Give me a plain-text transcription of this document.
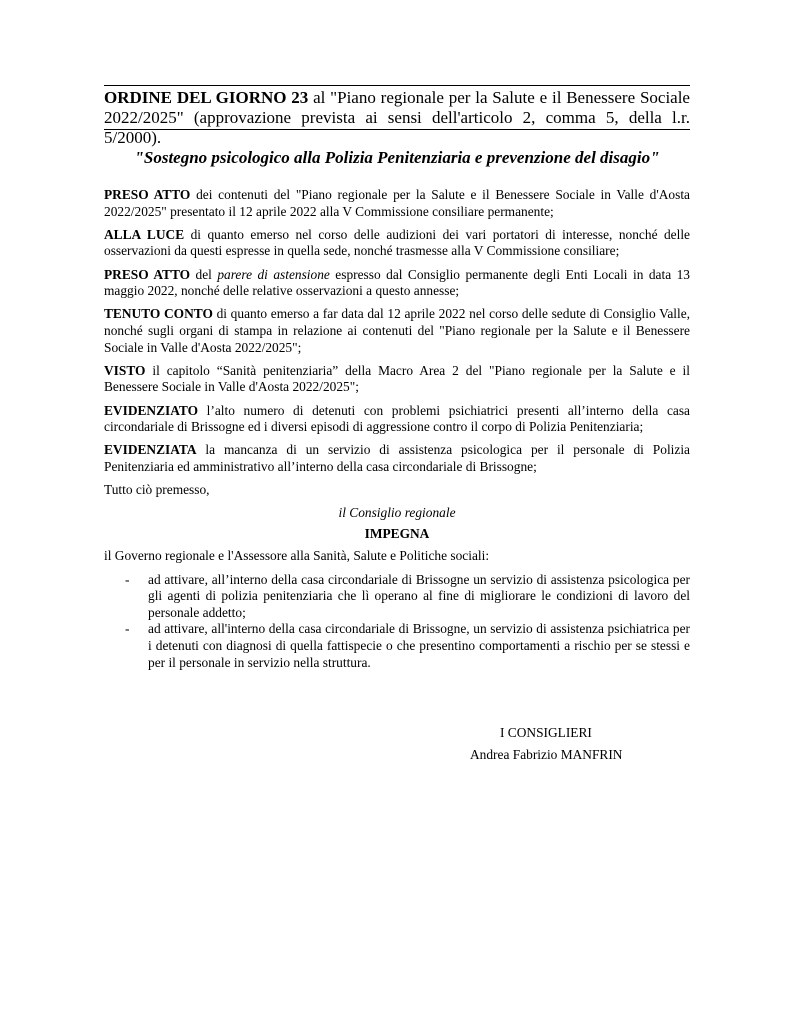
ORDINE DEL GIORNO 23 al "Piano regionale per la Salute e il Benessere Sociale 2022/2025" (approvazione prevista ai sensi dell'articolo 2, comma 5, della l.r. 5/2000).
"Sostegno psicologico alla Polizia Penitenziaria e prevenzione del disagio"

PRESO ATTO dei contenuti del "Piano regionale per la Salute e il Benessere Sociale in Valle d'Aosta 2022/2025" presentato il 12 aprile 2022 alla V Commissione consiliare permanente;

ALLA LUCE di quanto emerso nel corso delle audizioni dei vari portatori di interesse, nonché delle osservazioni da questi espresse in quella sede, nonché trasmesse alla V Commissione consiliare;

PRESO ATTO del parere di astensione espresso dal Consiglio permanente degli Enti Locali in data 13 maggio 2022, nonché delle relative osservazioni a questo annesse;

TENUTO CONTO di quanto emerso a far data dal 12 aprile 2022 nel corso delle sedute di Consiglio Valle, nonché sugli organi di stampa in relazione ai contenuti del "Piano regionale per la Salute e il Benessere Sociale in Valle d'Aosta 2022/2025";

VISTO il capitolo “Sanità penitenziaria” della Macro Area 2 del "Piano regionale per la Salute e il Benessere Sociale in Valle d'Aosta 2022/2025";

EVIDENZIATO l’alto numero di detenuti con problemi psichiatrici presenti all’interno della casa circondariale di Brissogne ed i diversi episodi di aggressione contro il corpo di Polizia Penitenziaria;

EVIDENZIATA la mancanza di un servizio di assistenza psicologica per il personale di Polizia Penitenziaria ed amministrativo all’interno della casa circondariale di Brissogne;

Tutto ciò premesso,

il Consiglio regionale
IMPEGNA

il Governo regionale e l'Assessore alla Sanità, Salute e Politiche sociali:

- ad attivare, all’interno della casa circondariale di Brissogne un servizio di assistenza psicologica per gli agenti di polizia penitenziaria che lì operano al fine di migliorare le condizioni di lavoro del personale addetto;
- ad attivare, all'interno della casa circondariale di Brissogne, un servizio di assistenza psichiatrica per i detenuti con diagnosi di quella fattispecie o che presentino comportamenti a rischio per se stessi e per il personale in servizio nella struttura.
I CONSIGLIERI
Andrea Fabrizio MANFRIN
